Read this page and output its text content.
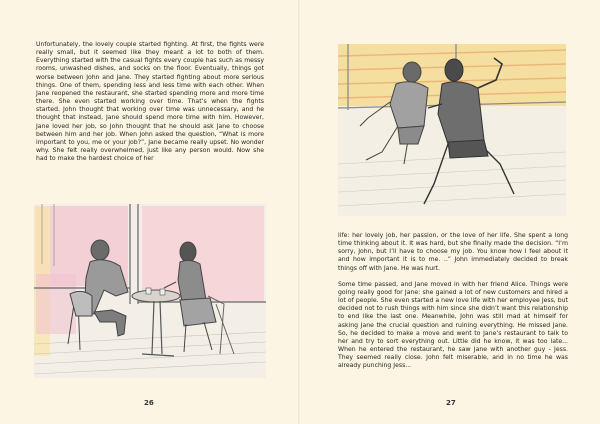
Unfortunately, the lovely couple started fighting. At first, the fights were really small, but it seemed like they meant a lot to both of them. Everything started with the casual fights every couple has such as messy rooms, unwashed dishes, and socks on the floor. Eventually, things got worse between John and Jane. They started fighting about more serious things. One of them, spending less and less time with each other. When Jane reopened the restaurant, she started spending more and more time there. She even started working over time. That’s when the fights started. John thought that working over time was unnecessary, and he thought that instead, Jane should spend more time with him. However, Jane loved her job, so John thought that he should ask Jane to choose between him and her job. When John asked the question, “What is more important to you, me or your job?”, Jane became really upset. No wonder why. She felt really overwhelmed, just like any person would. Now she had to make the hardest choice of her

26

life: her lovely job, her passion, or the love of her life. She spent a long time thinking about it. It was hard, but she finally made the decision. “I’m sorry, John, but I’ll have to choose my job. You know how I feel about it and how important it is to me. ..” John immediately decided to break things off with Jane. He was hurt.

Some time passed, and Jane moved in with her friend Alice. Things were going really good for Jane: she gained a lot of new customers and hired a lot of people. She even started a new love life with her employee Jess, but decided not to rush things with him since she didn’t want this relationship to end like the last one. Meanwhile, John was still mad at himself for asking Jane the crucial question and ruining everything. He missed Jane. So, he decided to make a move and went to Jane’s restaurant to talk to her and try to sort everything out. Little did he know, it was too late... When he entered the restaurant, he saw Jane with another guy - Jess. They seemed really close. John felt miserable, and in no time he was already punching Jess...

27
